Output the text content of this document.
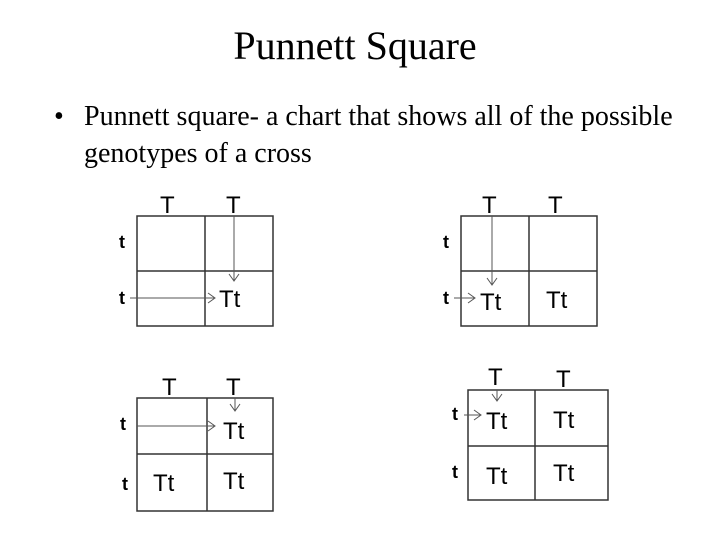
Punnett Square
• Punnett square- a chart that shows all of the possible genotypes of a cross
T T
t
t	Tt
T T
t
t Tt Tt
T T
t
t
Tt
Tt Tt
T T
t
t
Tt Tt
Tt Tt
